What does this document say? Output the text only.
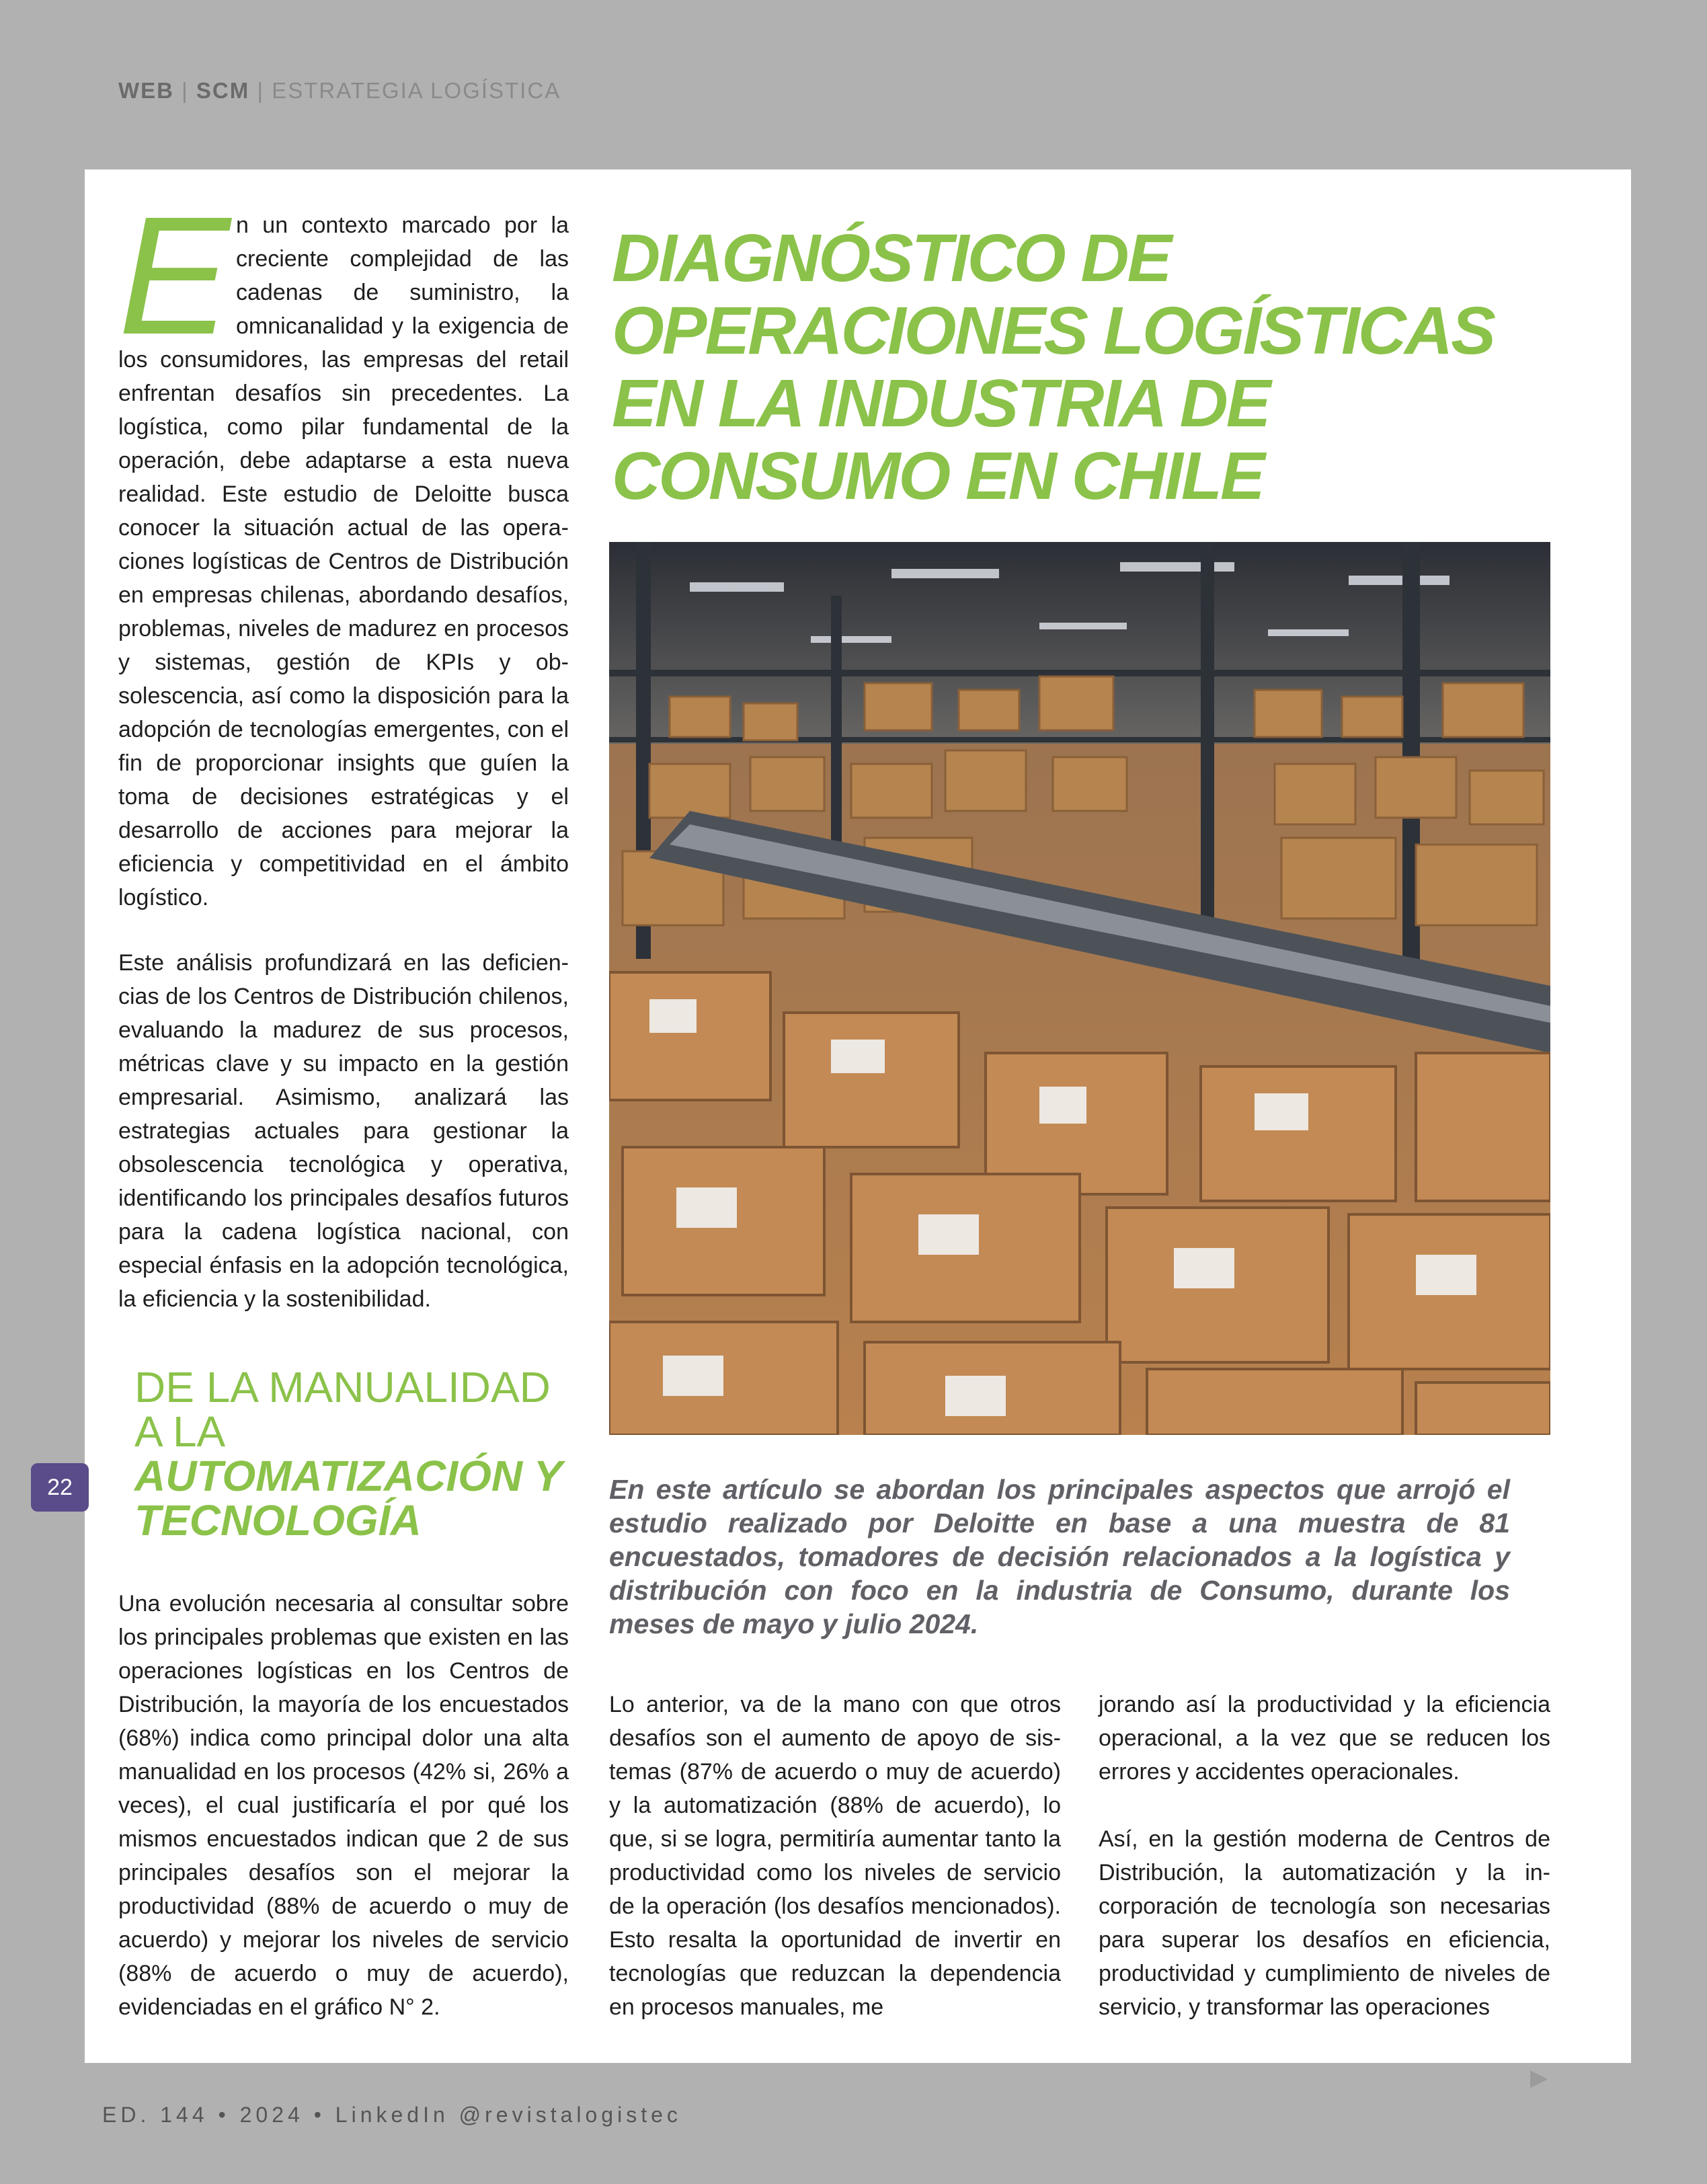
WEB | SCM | ESTRATEGIA LOGÍSTICA
En un contexto marcado por la creciente complejidad de las cadenas de suministro, la omnicanalidad y la exigencia de los consumidores, las empresas del retail enfrentan desafíos sin precedentes. La logística, como pilar fundamental de la operación, debe adaptarse a esta nueva realidad. Este estudio de Deloitte busca conocer la situación actual de las operaciones logísticas de Centros de Distribución en empresas chilenas, abordando desafíos, problemas, niveles de madurez en procesos y sistemas, gestión de KPIs y obsolescencia, así como la disposición para la adopción de tecnologías emergentes, con el fin de proporcionar insights que guíen la toma de decisiones estratégicas y el desarrollo de acciones para mejorar la eficiencia y competitividad en el ámbito logístico.
Este análisis profundizará en las deficiencias de los Centros de Distribución chilenos, evaluando la madurez de sus procesos, métricas clave y su impacto en la gestión empresarial. Asimismo, analizará las estrategias actuales para gestionar la obsolescencia tecnológica y operativa, identificando los principales desafíos futuros para la cadena logística nacional, con especial énfasis en la adopción tecnológica, la eficiencia y la sostenibilidad.
DE LA MANUALIDAD A LA
AUTOMATIZACIÓN Y TECNOLOGÍA
Una evolución necesaria al consultar sobre los principales problemas que existen en las operaciones logísticas en los Centros de Distribución, la mayoría de los encuestados (68%) indica como principal dolor una alta manualidad en los procesos (42% si, 26% a veces), el cual justificaría el por qué los mismos encuestados indican que 2 de sus principales desafíos son el mejorar la productividad (88% de acuerdo o muy de acuerdo) y mejorar los niveles de servicio (88% de acuerdo o muy de acuerdo), evidenciadas en el gráfico N° 2.
22
DIAGNÓSTICO DE OPERACIONES LOGÍSTICAS EN LA INDUSTRIA DE CONSUMO EN CHILE
En este artículo se abordan los principales aspectos que arrojó el estudio realizado por Deloitte en base a una muestra de 81 encuestados, tomadores de decisión relacionados a la logística y distribución con foco en la industria de Consumo, durante los meses de mayo y julio 2024.
Lo anterior, va de la mano con que otros desafíos son el aumento de apoyo de sistemas (87% de acuerdo o muy de acuerdo) y la automatización (88% de acuerdo), lo que, si se logra, permitiría aumentar tanto la productividad como los niveles de servicio de la operación (los desafíos mencionados). Esto resalta la oportunidad de invertir en tecnologías que reduzcan la dependencia en procesos manuales, me

jorando así la productividad y la eficiencia operacional, a la vez que se reducen los errores y accidentes operacionales.

Así, en la gestión moderna de Centros de Distribución, la automatización y la incorporación de tecnología son necesarias para superar los desafíos en eficiencia, productividad y cumplimiento de niveles de servicio, y transformar las operaciones

▶
ED. 144 • 2024 • LinkedIn @revistalogistec
